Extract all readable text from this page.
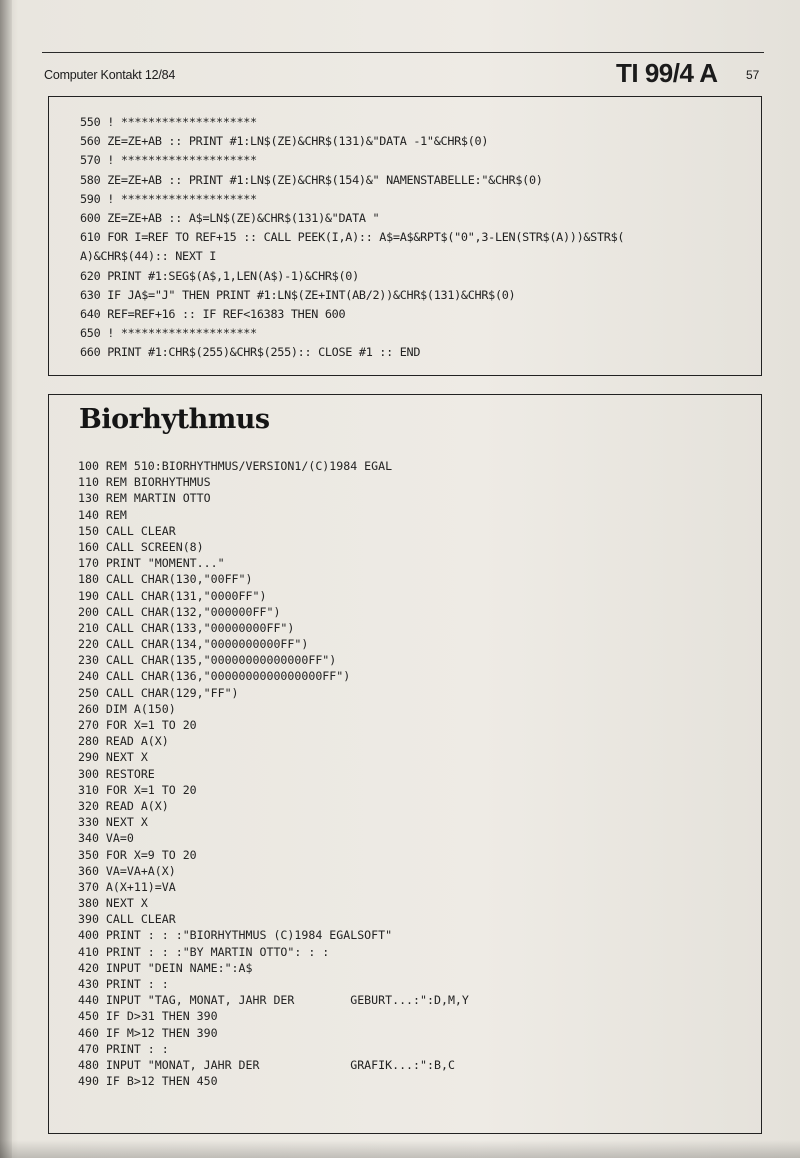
Computer Kontakt 12/84	TI 99/4 A 57
550 ! ********************
560 ZE=ZE+AB :: PRINT #1:LN$(ZE)&CHR$(131)&"DATA -1"&CHR$(0)
570 ! ********************
580 ZE=ZE+AB :: PRINT #1:LN$(ZE)&CHR$(154)&" NAMENSTABELLE:"&CHR$(0)
590 ! ********************
600 ZE=ZE+AB :: A$=LN$(ZE)&CHR$(131)&"DATA "
610 FOR I=REF TO REF+15 :: CALL PEEK(I,A):: A$=A$&RPT$("0",3-LEN(STR$(A)))&STR$(
A)&CHR$(44):: NEXT I
620 PRINT #1:SEG$(A$,1,LEN(A$)-1)&CHR$(0)
630 IF JA$="J" THEN PRINT #1:LN$(ZE+INT(AB/2))&CHR$(131)&CHR$(0)
640 REF=REF+16 :: IF REF<16383 THEN 600
650 ! ********************
660 PRINT #1:CHR$(255)&CHR$(255):: CLOSE #1 :: END
Biorhythmus
100 REM 510:BIORHYTHMUS/VERSION1/(C)1984 EGAL
110 REM BIORHYTHMUS
130 REM MARTIN OTTO
140 REM
150 CALL CLEAR
160 CALL SCREEN(8)
170 PRINT "MOMENT..."
180 CALL CHAR(130,"00FF")
190 CALL CHAR(131,"0000FF")
200 CALL CHAR(132,"000000FF")
210 CALL CHAR(133,"00000000FF")
220 CALL CHAR(134,"0000000000FF")
230 CALL CHAR(135,"00000000000000FF")
240 CALL CHAR(136,"0000000000000000FF")
250 CALL CHAR(129,"FF")
260 DIM A(150)
270 FOR X=1 TO 20
280 READ A(X)
290 NEXT X
300 RESTORE
310 FOR X=1 TO 20
320 READ A(X)
330 NEXT X
340 VA=0
350 FOR X=9 TO 20
360 VA=VA+A(X)
370 A(X+11)=VA
380 NEXT X
390 CALL CLEAR
400 PRINT : : :"BIORHYTHMUS (C)1984 EGALSOFT"
410 PRINT : : :"BY MARTIN OTTO": : :
420 INPUT "DEIN NAME:":A$
430 PRINT : :
440 INPUT "TAG, MONAT, JAHR DER        GEBURT...:":D,M,Y
450 IF D>31 THEN 390
460 IF M>12 THEN 390
470 PRINT : :
480 INPUT "MONAT, JAHR DER             GRAFIK...:":B,C
490 IF B>12 THEN 450
